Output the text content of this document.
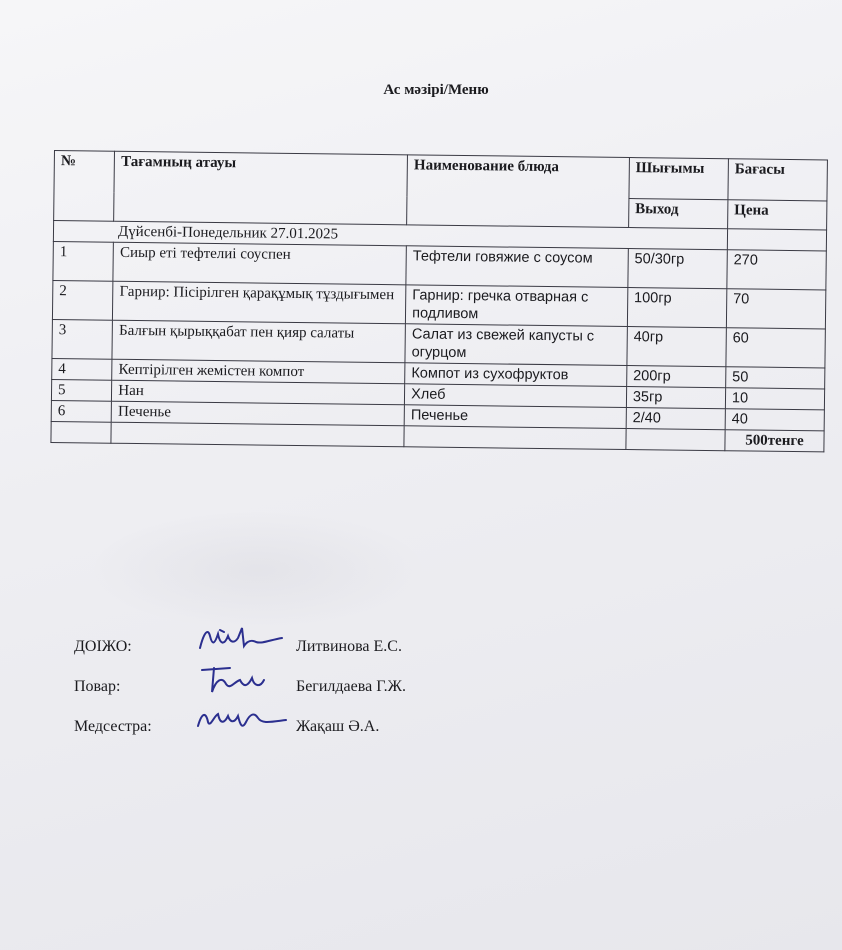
Ас мәзірі/Меню
№	Тағамның атауы	Наименование блюда	Шығымы	Бағасы
			Выход	Цена
Дүйсенбі-Понедельник 27.01.2025				
1	Сиыр еті тефтелиі соуспен	Тефтели говяжие с соусом	50/30гр	270
2	Гарнир: Пісірілген қарақұмық тұздығымен	Гарнир: гречка отварная с подливом	100гр	70
3	Балғын қырыққабат пен қияр салаты	Салат из свежей капусты с огурцом	40гр	60
4	Кептірілген жемістен компот	Компот из сухофруктов	200гр	50
5	Нан	Хлеб	35гр	10
6	Печенье	Печенье	2/40	40
				500тенге
ДОІЖО:	Литвинова Е.С.
Повар:	Бегилдаева Г.Ж.
Медсестра:	Жақаш Ә.А.
